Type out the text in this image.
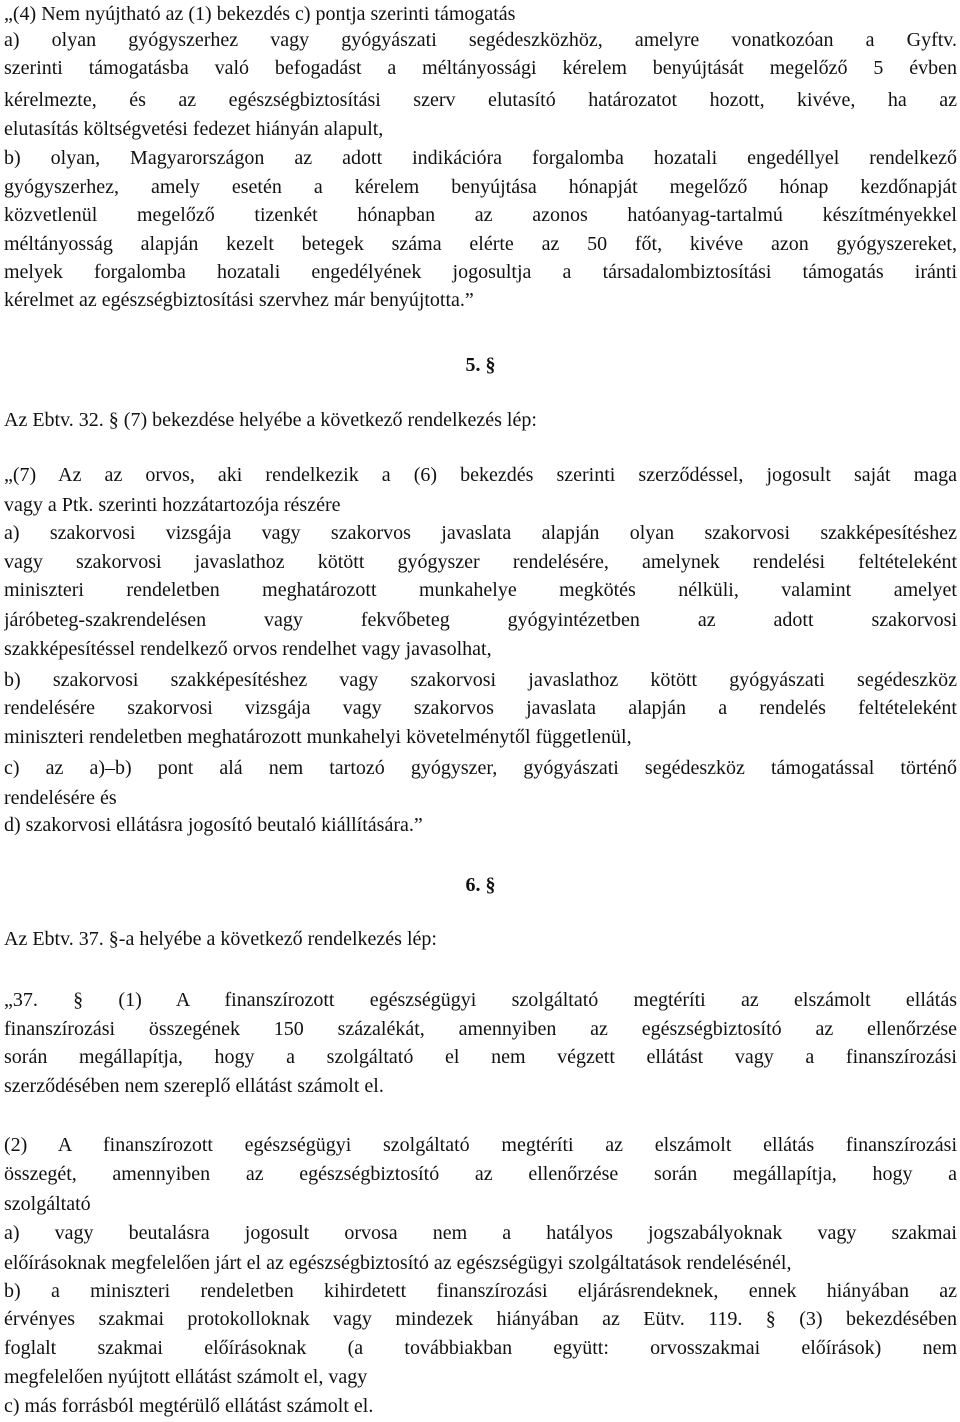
„(4) Nem nyújtható az (1) bekezdés c) pontja szerinti támogatás
a) olyan gyógyszerhez vagy gyógyászati segédeszközhöz, amelyre vonatkozóan a Gyftv.
szerinti támogatásba való befogadást a méltányossági kérelem benyújtását megelőző 5 évben
kérelmezte, és az egészségbiztosítási szerv elutasító határozatot hozott, kivéve, ha az
elutasítás költségvetési fedezet hiányán alapult,
b) olyan, Magyarországon az adott indikációra forgalomba hozatali engedéllyel rendelkező
gyógyszerhez, amely esetén a kérelem benyújtása hónapját megelőző hónap kezdőnapját
közvetlenül megelőző tizenkét hónapban az azonos hatóanyag-tartalmú készítményekkel
méltányosság alapján kezelt betegek száma elérte az 50 főt, kivéve azon gyógyszereket,
melyek forgalomba hozatali engedélyének jogosultja a társadalombiztosítási támogatás iránti
kérelmet az egészségbiztosítási szervhez már benyújtotta.”
5. §
Az Ebtv. 32. § (7) bekezdése helyébe a következő rendelkezés lép:
„(7) Az az orvos, aki rendelkezik a (6) bekezdés szerinti szerződéssel, jogosult saját maga
vagy a Ptk. szerinti hozzátartozója részére
a) szakorvosi vizsgája vagy szakorvos javaslata alapján olyan szakorvosi szakképesítéshez
vagy szakorvosi javaslathoz kötött gyógyszer rendelésére, amelynek rendelési feltételeként
miniszteri rendeletben meghatározott munkahelye megkötés nélküli, valamint amelyet
járóbeteg-szakrendelésen vagy fekvőbeteg gyógyintézetben az adott szakorvosi
szakképesítéssel rendelkező orvos rendelhet vagy javasolhat,
b) szakorvosi szakképesítéshez vagy szakorvosi javaslathoz kötött gyógyászati segédeszköz
rendelésére szakorvosi vizsgája vagy szakorvos javaslata alapján a rendelés feltételeként
miniszteri rendeletben meghatározott munkahelyi követelménytől függetlenül,
c) az a)–b) pont alá nem tartozó gyógyszer, gyógyászati segédeszköz támogatással történő
rendelésére és
d) szakorvosi ellátásra jogosító beutaló kiállítására.”
6. §
Az Ebtv. 37. §-a helyébe a következő rendelkezés lép:
„37. § (1) A finanszírozott egészségügyi szolgáltató megtéríti az elszámolt ellátás
finanszírozási összegének 150 százalékát, amennyiben az egészségbiztosító az ellenőrzése
során megállapítja, hogy a szolgáltató el nem végzett ellátást vagy a finanszírozási
szerződésében nem szereplő ellátást számolt el.
(2) A finanszírozott egészségügyi szolgáltató megtéríti az elszámolt ellátás finanszírozási
összegét, amennyiben az egészségbiztosító az ellenőrzése során megállapítja, hogy a
szolgáltató
a) vagy beutalásra jogosult orvosa nem a hatályos jogszabályoknak vagy szakmai
előírásoknak megfelelően járt el az egészségbiztosító az egészségügyi szolgáltatások rendelésénél,
b) a miniszteri rendeletben kihirdetett finanszírozási eljárásrendeknek, ennek hiányában az
érvényes szakmai protokolloknak vagy mindezek hiányában az Eütv. 119. § (3) bekezdésében
foglalt szakmai előírásoknak (a továbbiakban együtt: orvosszakmai előírások) nem
megfelelően nyújtott ellátást számolt el, vagy
c) más forrásból megtérülő ellátást számolt el.
